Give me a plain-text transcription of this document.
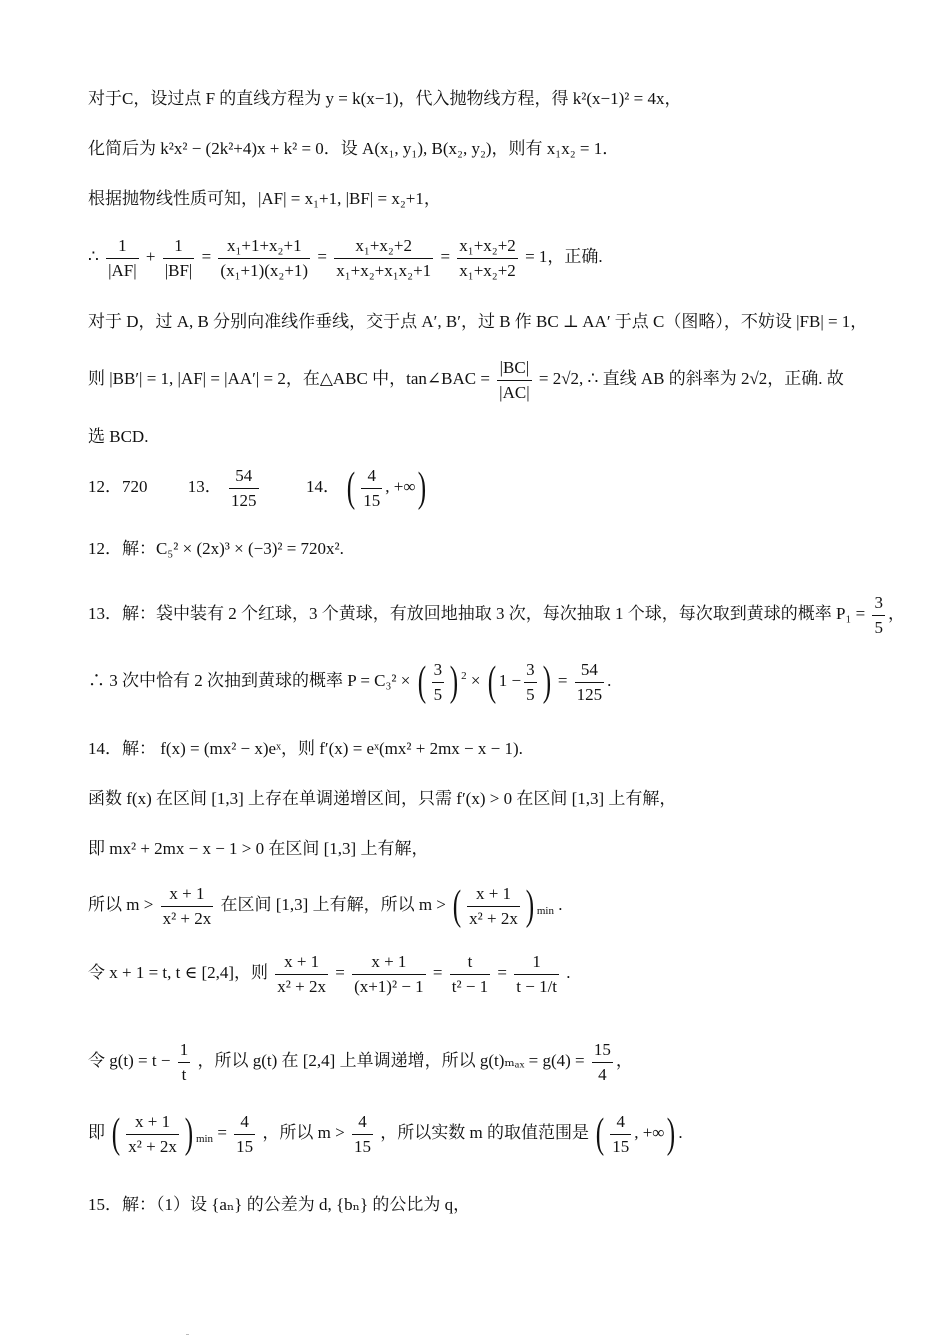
对于C，设过点 F 的直线方程为 y = k(x−1)，代入抛物线方程，得 k²(x−1)² = 4x，
化简后为 k²x² − (2k²+4)x + k² = 0．设 A(x₁, y₁), B(x₂, y₂)，则有 x₁x₂ = 1．
根据抛物线性质可知，|AF| = x₁+1, |BF| = x₂+1，
∴ $\frac{1}{|AF|} + \frac{1}{|BF|} = \frac{\text{x₁+1+x₂+1}}{\text{(x₁+1)(x₂+1)}} = \frac{\text{x₁+x₂+2}}{\text{x₁+x₂+x₁x₂+1}} = \frac{\text{x₁+x₂+2}}{\text{x₁+x₂+2}} = 1$，正确.
对于 D，过 A, B 分别向准线作垂线，交于点 A′, B′，过 B 作 BC ⊥ AA′ 于点 C（图略），不妨设 |FB| = 1，
则 |BB′| = 1, |AF| = |AA′| = 2，在△ABC 中，tan∠BAC = $\frac{|BC|}{|AC|} = 2√2$, ∴ 直线 AB 的斜率为 2√2，正确. 故
选 BCD.
12．720 13． $\frac{54}{125}$	14． ( $\frac{4}{15}$ , +∞)
12．解：C₅² × (2x)³ × (−3)² = 720x².
13．解：袋中装有 2 个红球，3 个黄球，有放回地抽取 3 次，每次抽取 1 个球，每次取到黄球的概率 $P_1 = \frac{3}{5}$ ，
∴ 3 次中恰有 2 次抽到黄球的概率 P = C₃² × ( $\frac{3}{5}$ ) $^2$ × ( $1 - \frac{3}{5}$ ) = $\frac{54}{125}$ .
14．解： f(x) = (mx² − x)eˣ，则 f′(x) = eˣ(mx² + 2mx − x − 1).
函数 f(x) 在区间 [1,3] 上存在单调递增区间，只需 f′(x) > 0 在区间 [1,3] 上有解，
即 mx² + 2mx − x − 1 > 0 在区间 [1,3] 上有解，
所以 $m > \frac{x + 1}{\text{x² + 2x}}$ 在区间 [1,3] 上有解，所以 m > ( $\frac{x + 1}{\text{x² + 2x}}$ ) $_{min}$ .
令 x + 1 = t, t ∈ [2,4]，则 $\frac{x + 1}{\text{x² + 2x}} = \frac{x + 1}{\text{(x+1)² − 1}} = \frac{t}{\text{t² − 1}} = \frac{1}{t - 1/t}$ .
令 $g(t) = t - \frac{1}{t}$ ，所以 g(t) 在 [2,4] 上单调递增，所以 $g(t)_{max} = g(4) = \frac{15}{4}$ ，
即 ( $\frac{x + 1}{\text{x² + 2x}}$ ) $_{min} = \frac{4}{15}$ ，所以 $m > \frac{4}{15}$ ，所以实数 m 的取值范围是 ( $\frac{4}{15}$ , +∞) .
15．解：（1）设 {aₙ} 的公差为 d, {bₙ} 的公比为 q，
